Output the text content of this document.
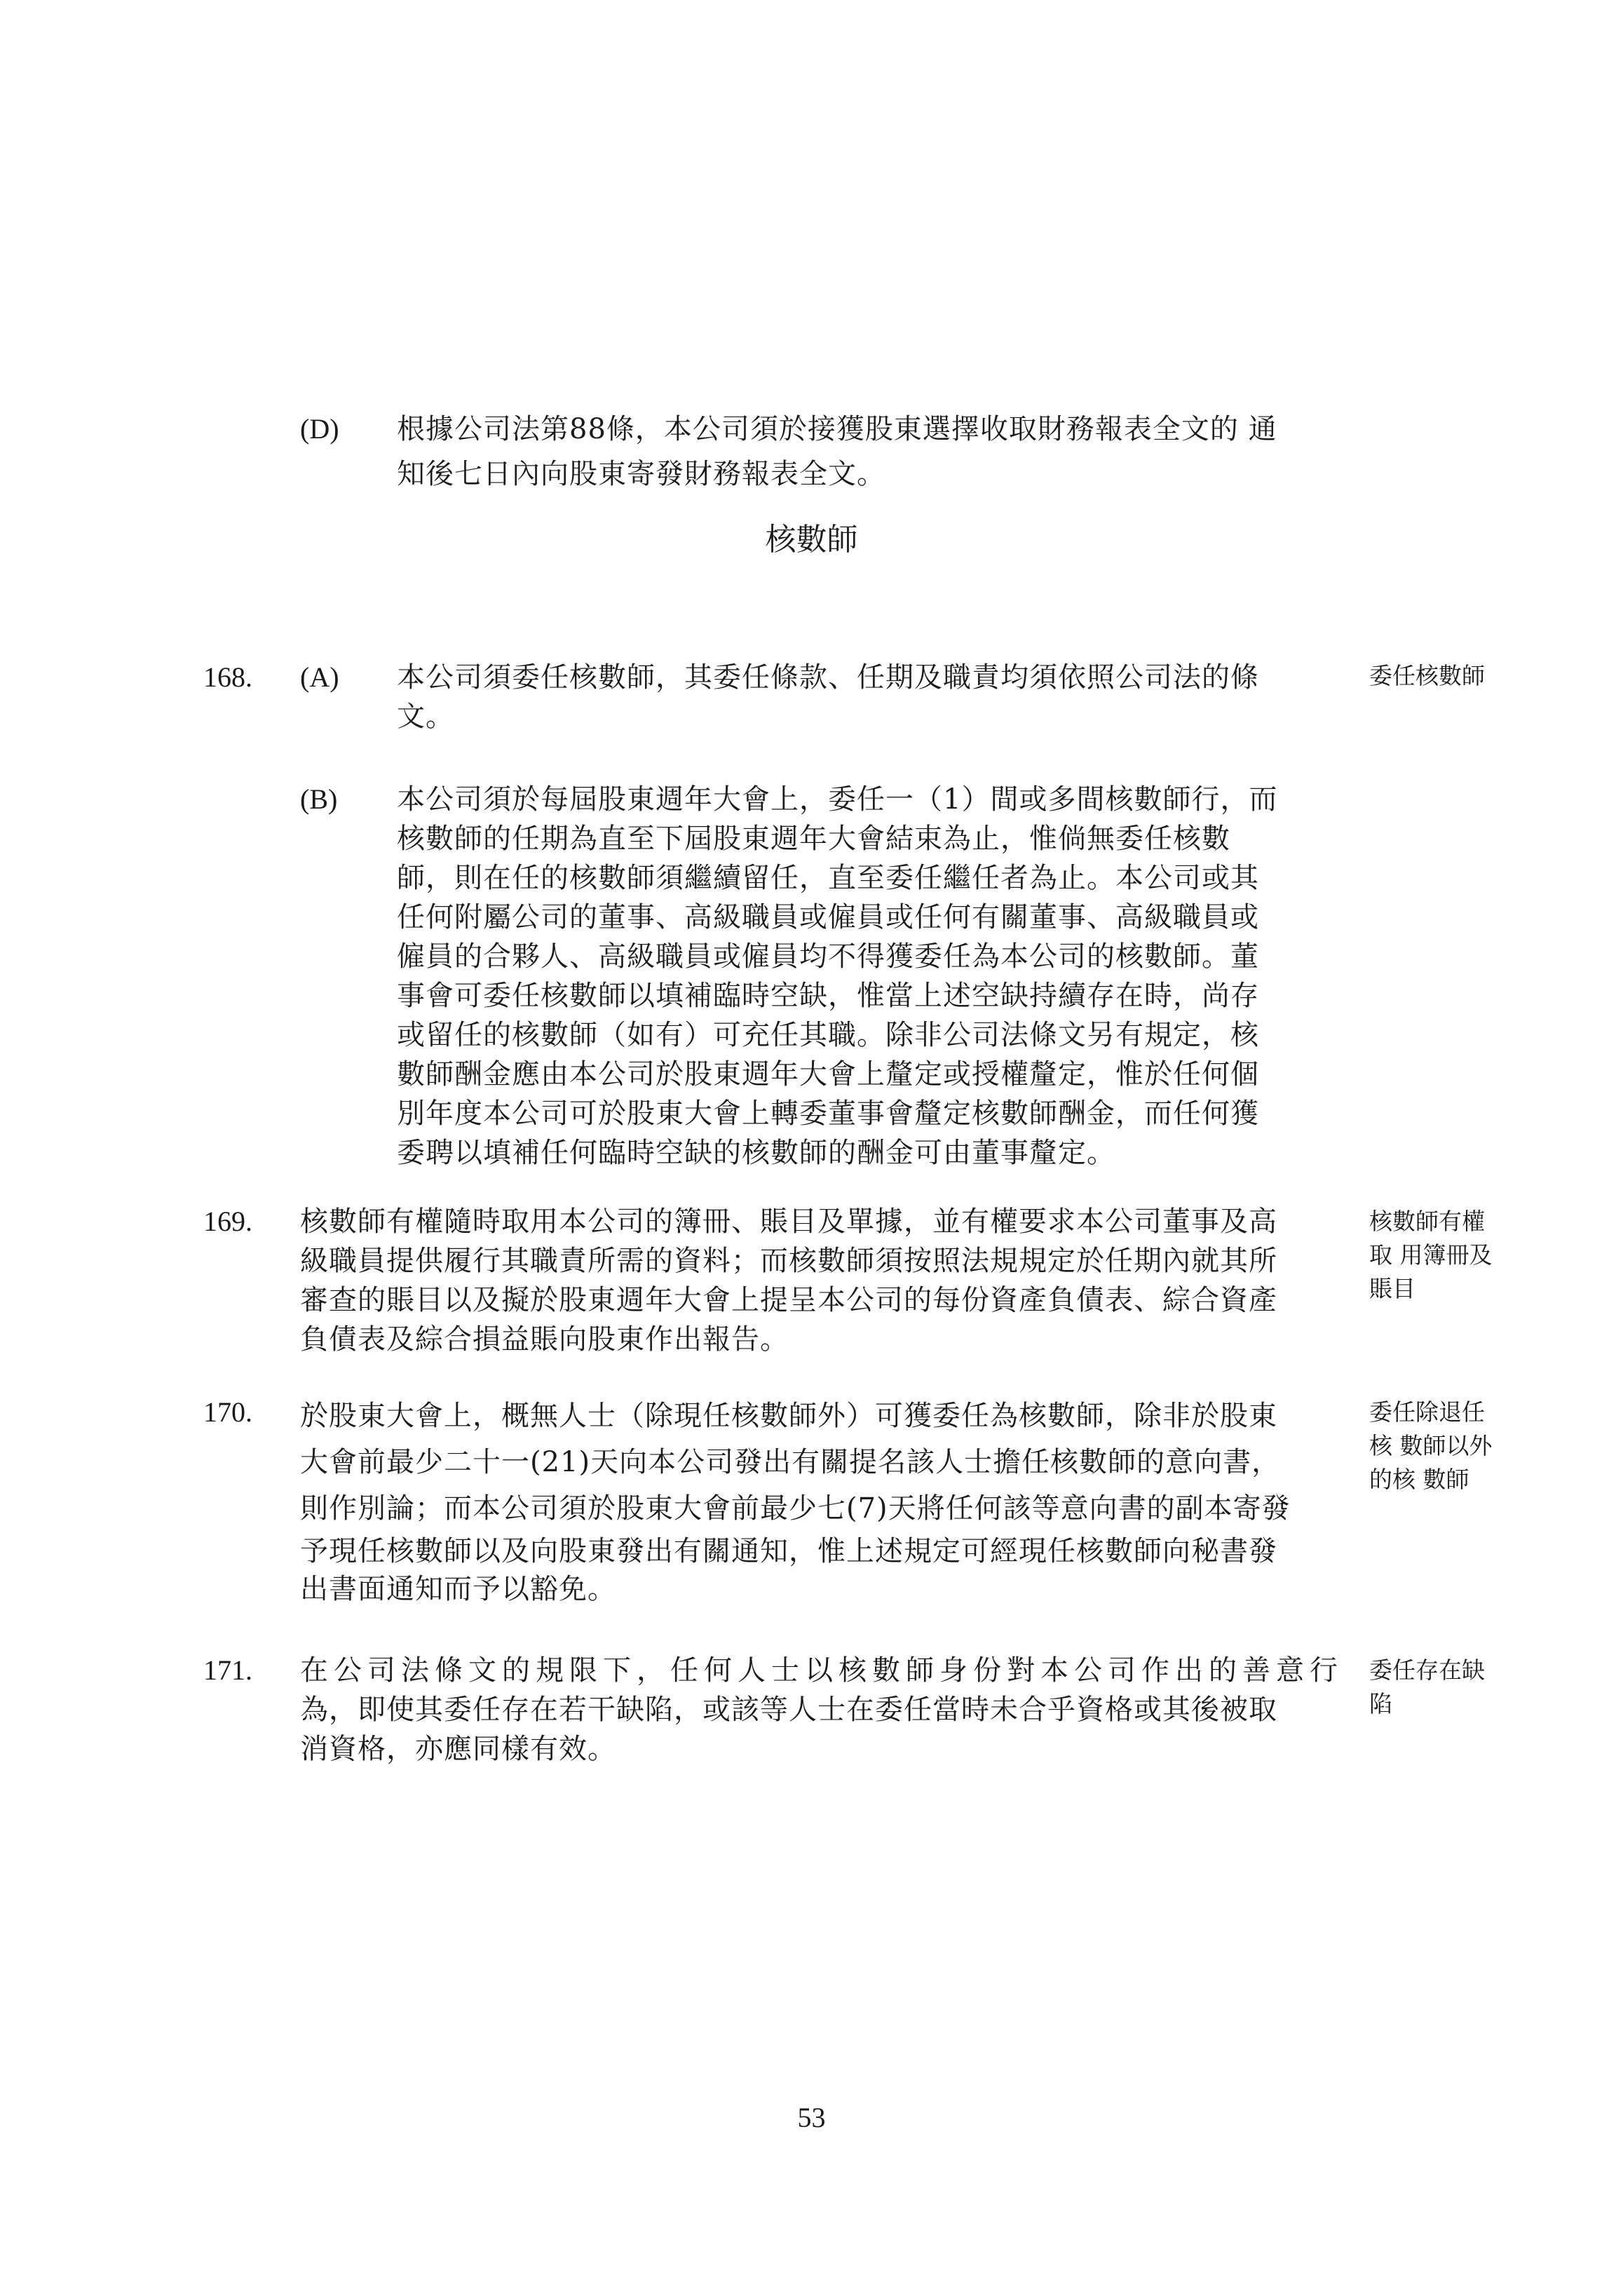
(D) 根據公司法第88條，本公司須於接獲股東選擇收取財務報表全文的 通
知後七日內向股東寄發財務報表全文。
核數師
168. (A) 本公司須委任核數師，其委任條款、任期及職責均須依照公司法的條
文。
委任核數師
(B) 本公司須於每屆股東週年大會上，委任一（1）間或多間核數師行，而
核數師的任期為直至下屆股東週年大會結束為止，惟倘無委任核數
師，則在任的核數師須繼續留任，直至委任繼任者為止。本公司或其
任何附屬公司的董事、高級職員或僱員或任何有關董事、高級職員或
僱員的合夥人、高級職員或僱員均不得獲委任為本公司的核數師。董
事會可委任核數師以填補臨時空缺，惟當上述空缺持續存在時，尚存
或留任的核數師（如有）可充任其職。除非公司法條文另有規定，核
數師酬金應由本公司於股東週年大會上釐定或授權釐定，惟於任何個
別年度本公司可於股東大會上轉委董事會釐定核數師酬金，而任何獲
委聘以填補任何臨時空缺的核數師的酬金可由董事釐定。
169. 核數師有權隨時取用本公司的簿冊、賬目及單據，並有權要求本公司董事及高
級職員提供履行其職責所需的資料；而核數師須按照法規規定於任期內就其所
審查的賬目以及擬於股東週年大會上提呈本公司的每份資產負債表、綜合資產
負債表及綜合損益賬向股東作出報告。
核數師有權
取 用簿冊及
賬目
170. 於股東大會上，概無人士（除現任核數師外）可獲委任為核數師，除非於股東
大會前最少二十一(21)天向本公司發出有關提名該人士擔任核數師的意向書，
則作別論；而本公司須於股東大會前最少七(7)天將任何該等意向書的副本寄發
予現任核數師以及向股東發出有關通知，惟上述規定可經現任核數師向秘書發
出書面通知而予以豁免。
委任除退任
核 數師以外
的核 數師
171. 在公司法條文的規限下，任何人士以核數師身份對本公司作出的善意行
為，即使其委任存在若干缺陷，或該等人士在委任當時未合乎資格或其後被取
消資格，亦應同樣有效。
委任存在缺
陷
53
